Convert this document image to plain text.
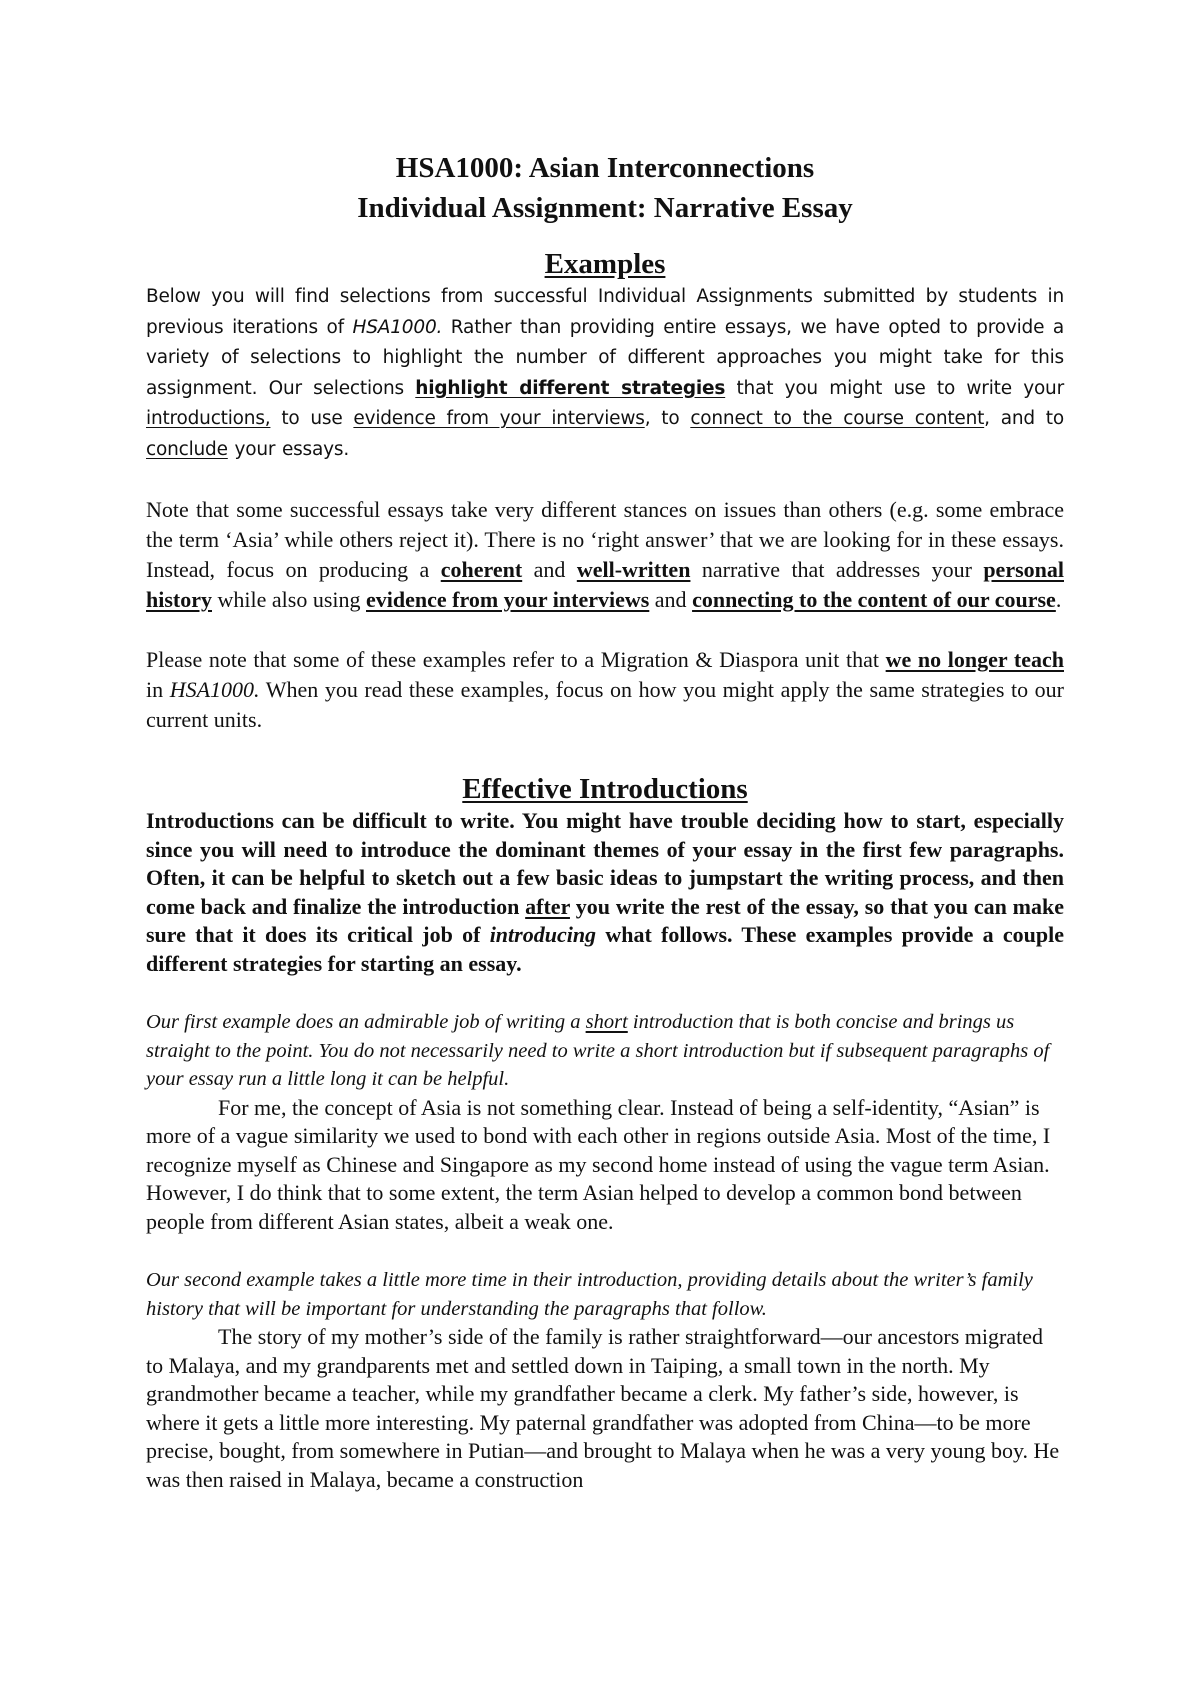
HSA1000: Asian Interconnections
Individual Assignment: Narrative Essay
Examples

Below you will find selections from successful Individual Assignments submitted by students in previous iterations of HSA1000. Rather than providing entire essays, we have opted to provide a variety of selections to highlight the number of different approaches you might take for this assignment. Our selections highlight different strategies that you might use to write your introductions, to use evidence from your interviews, to connect to the course content, and to conclude your essays.

Note that some successful essays take very different stances on issues than others (e.g. some embrace the term ‘Asia’ while others reject it). There is no ‘right answer’ that we are looking for in these essays. Instead, focus on producing a coherent and well-written narrative that addresses your personal history while also using evidence from your interviews and connecting to the content of our course.

Please note that some of these examples refer to a Migration & Diaspora unit that we no longer teach in HSA1000. When you read these examples, focus on how you might apply the same strategies to our current units.

Effective Introductions

Introductions can be difficult to write. You might have trouble deciding how to start, especially since you will need to introduce the dominant themes of your essay in the first few paragraphs. Often, it can be helpful to sketch out a few basic ideas to jumpstart the writing process, and then come back and finalize the introduction after you write the rest of the essay, so that you can make sure that it does its critical job of introducing what follows. These examples provide a couple different strategies for starting an essay.

Our first example does an admirable job of writing a short introduction that is both concise and brings us straight to the point. You do not necessarily need to write a short introduction but if subsequent paragraphs of your essay run a little long it can be helpful.

For me, the concept of Asia is not something clear. Instead of being a self-identity, “Asian” is more of a vague similarity we used to bond with each other in regions outside Asia. Most of the time, I recognize myself as Chinese and Singapore as my second home instead of using the vague term Asian. However, I do think that to some extent, the term Asian helped to develop a common bond between people from different Asian states, albeit a weak one.

Our second example takes a little more time in their introduction, providing details about the writer’s family history that will be important for understanding the paragraphs that follow.

The story of my mother’s side of the family is rather straightforward—our ancestors migrated to Malaya, and my grandparents met and settled down in Taiping, a small town in the north. My grandmother became a teacher, while my grandfather became a clerk. My father’s side, however, is where it gets a little more interesting. My paternal grandfather was adopted from China—to be more precise, bought, from somewhere in Putian—and brought to Malaya when he was a very young boy. He was then raised in Malaya, became a construction
